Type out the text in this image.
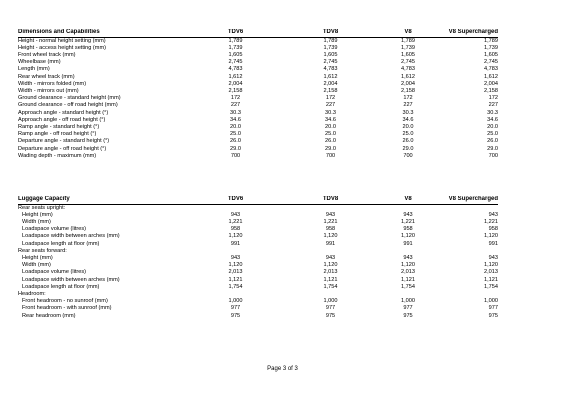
Dimensions and Capabilities	TDV6	TDV8	V8	V8 Supercharged
Height - normal height setting (mm)	1,789	1,789	1,789	1,789
Height - access height setting (mm)	1,739	1,739	1,739	1,739
Front wheel track (mm)	1,605	1,605	1,605	1,605
Wheelbase (mm)	2,745	2,745	2,745	2,745
Length (mm)	4,783	4,783	4,783	4,783
Rear wheel track (mm)	1,612	1,612	1,612	1,612
Width - mirrors folded (mm)	2,004	2,004	2,004	2,004
Width - mirrors out (mm)	2,158	2,158	2,158	2,158
Ground clearance - standard height (mm)	172	172	172	172
Ground clearance - off road height (mm)	227	227	227	227
Approach angle - standard height (°)	30.3	30.3	30.3	30.3
Approach angle - off road height (°)	34.6	34.6	34.6	34.6
Ramp angle - standard height (°)	20.0	20.0	20.0	20.0
Ramp angle - off road height (°)	25.0	25.0	25.0	25.0
Departure angle - standard height (°)	26.0	26.0	26.0	26.0
Departure angle - off road height (°)	29.0	29.0	29.0	29.0
Wading depth - maximum (mm)	700	700	700	700
Luggage Capacity	TDV6	TDV8	V8	V8 Supercharged
Rear seats upright:				
Height (mm)	943	943	943	943
Width (mm)	1,221	1,221	1,221	1,221
Loadspace volume (litres)	958	958	958	958
Loadspace width between arches (mm)	1,120	1,120	1,120	1,120
Loadspace length at floor (mm)	991	991	991	991
Rear seats forward:				
Height (mm)	943	943	943	943
Width (mm)	1,120	1,120	1,120	1,120
Loadspace volume (litres)	2,013	2,013	2,013	2,013
Loadspace width between arches (mm)	1,121	1,121	1,121	1,121
Loadspace length at floor (mm)	1,754	1,754	1,754	1,754
Headroom:				
Front headroom - no sunroof (mm)	1,000	1,000	1,000	1,000
Front headroom - with sunroof (mm)	977	977	977	977
Rear headroom (mm)	975	975	975	975
Page 3 of 3
